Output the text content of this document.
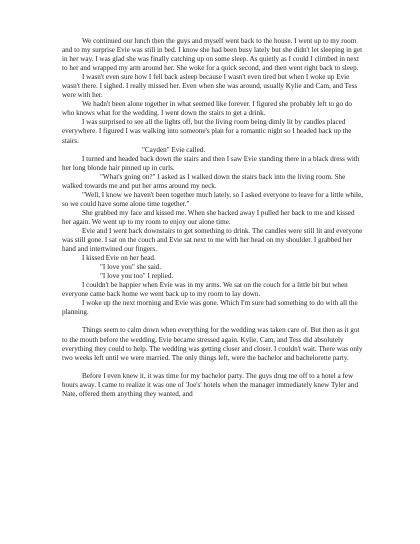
We continued our lunch then the guys and myself went back to the house. I went up to my room and to my surprise Evie was still in bed. I know she had been busy lately but she didn't let sleeping in get in her way. I was glad she was finally catching up on some sleep. As quietly as I could I climbed in next to her and wrapped my arm around her. She woke for a quick second, and then went right back to sleep.

I wasn't even sure how I fell back asleep because I wasn't even tired but when I woke up Evie wasn't there. I sighed. I really missed her. Even when she was around, usually Kylie and Cam, and Tess were with her.

We hadn't been alone together in what seemed like forever. I figured she probably left to go do who knows what for the wedding. I went down the stairs to get a drink.

I was surprised to see all the lights off, but the living room being dimly lit by candles placed everywhere. I figured I was walking into someone's plan for a romantic night so I headed back up the stairs.

"Cayden" Evie called.

I turned and headed back down the stairs and then I saw Evie standing there in a black dress with her long blonde hair pinned up in curls.

"What's going on?" I asked as I walked down the stairs back into the living room. She walked towards me and put her arms around my neck.

"Well, I know we haven't been together much lately, so I asked everyone to leave for a little while, so we could have some alone time together."

She grabbed my face and kissed me. When she backed away I pulled her back to me and kissed her again. We went up to my room to enjoy our alone time.

Evie and I went back downstairs to get something to drink. The candles were still lit and everyone was still gone. I sat on the couch and Evie sat next to me with her head on my shoulder. I grabbed her hand and intertwined our fingers.

I kissed Evie on her head.

"I love you" she said.

"I love you too" I replied.

I couldn't be happier when Evie was in my arms. We sat on the couch for a little bit but when everyone came back home we went back up to my room to lay down.

I woke up the next morning and Evie was gone. Which I'm sure had something to do with all the planning.

Things seem to calm down when everything for the wedding was taken care of. But then as it got to the mouth before the wedding, Evie became stressed again. Kylie, Cam, and Tess did absolutely everything they could to help. The wedding was getting closer and closer. I couldn't wait. There was only two weeks left until we were married. The only things left, were the bachelor and bachelorette party.

Before I even knew it, it was time for my bachelor party. The guys drug me off to a hotel a few hours away. I came to realize it was one of 'Joe's' hotels when the manager immediately knew Tyler and Nate, offered them anything they wanted, and
